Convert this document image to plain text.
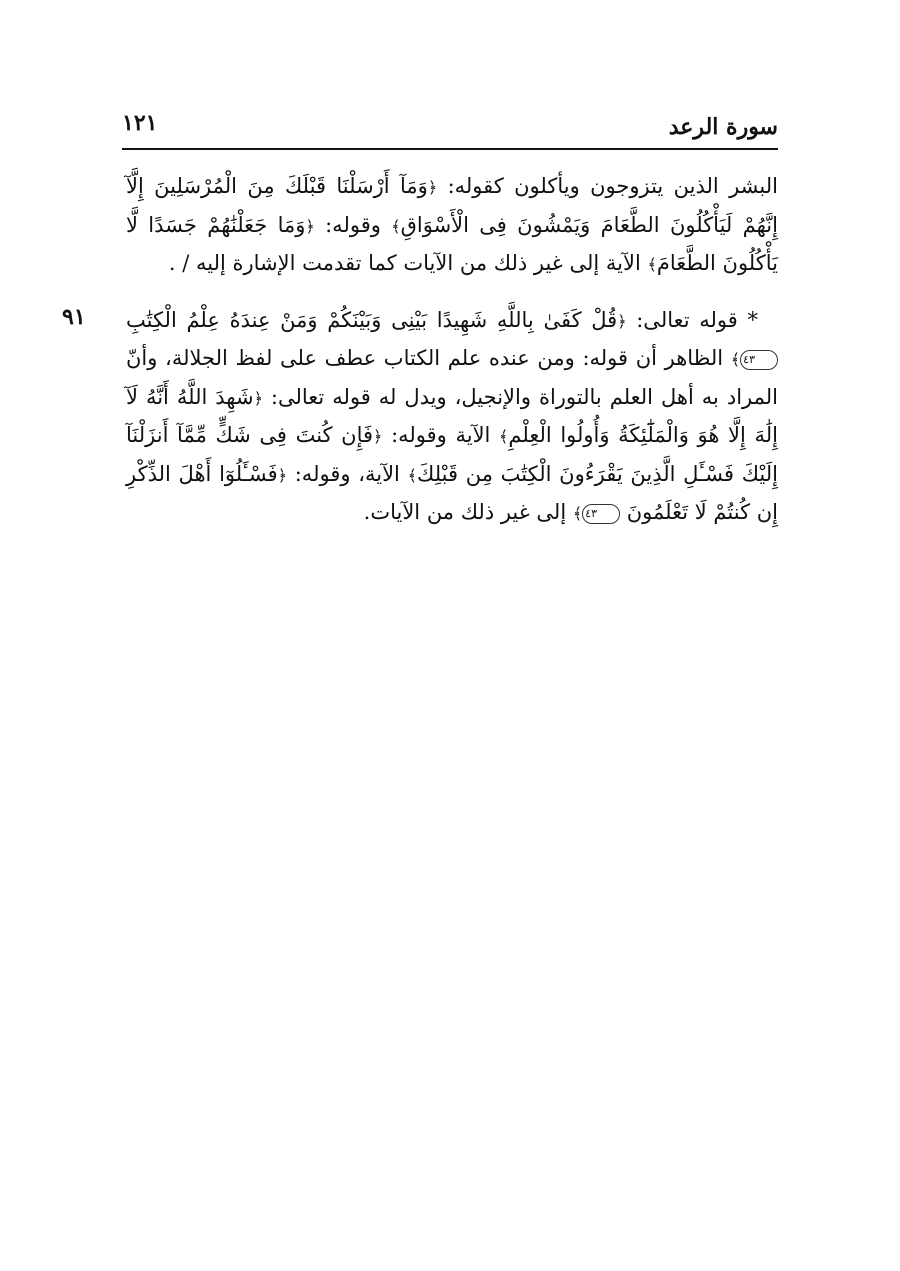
سورة الرعد
١٢١
٩١

البشر الذين يتزوجون ويأكلون كقوله: ﴿وَمَآ أَرْسَلْنَا قَبْلَكَ مِنَ الْمُرْسَلِينَ إِلَّآ إِنَّهُمْ لَيَأْكُلُونَ الطَّعَامَ وَيَمْشُونَ فِى الْأَسْوَاقِ﴾ وقوله: ﴿وَمَا جَعَلْنَٰهُمْ جَسَدًا لَّا يَأْكُلُونَ الطَّعَامَ﴾ الآية إلى غير ذلك من الآيات كما تقدمت الإشارة إليه / .

* قوله تعالى: ﴿قُلْ كَفَىٰ بِاللَّهِ شَهِيدًا بَيْنِى وَبَيْنَكُمْ وَمَنْ عِندَهُ عِلْمُ الْكِتَٰبِ ٤٣﴾ الظاهر أن قوله: ومن عنده علم الكتاب عطف على لفظ الجلالة، وأنّ المراد به أهل العلم بالتوراة والإنجيل، ويدل له قوله تعالى: ﴿شَهِدَ اللَّهُ أَنَّهُ لَآ إِلَٰهَ إِلَّا هُوَ وَالْمَلَٰٓئِكَةُ وَأُولُوا الْعِلْمِ﴾ الآية وقوله: ﴿فَإِن كُنتَ فِى شَكٍّ مِّمَّآ أَنزَلْنَآ إِلَيْكَ فَسْـَٔلِ الَّذِينَ يَقْرَءُونَ الْكِتَٰبَ مِن قَبْلِكَ﴾ الآية، وقوله: ﴿فَسْـَٔلُوٓا أَهْلَ الذِّكْرِ إِن كُنتُمْ لَا تَعْلَمُونَ ٤٣﴾ إلى غير ذلك من الآيات.
